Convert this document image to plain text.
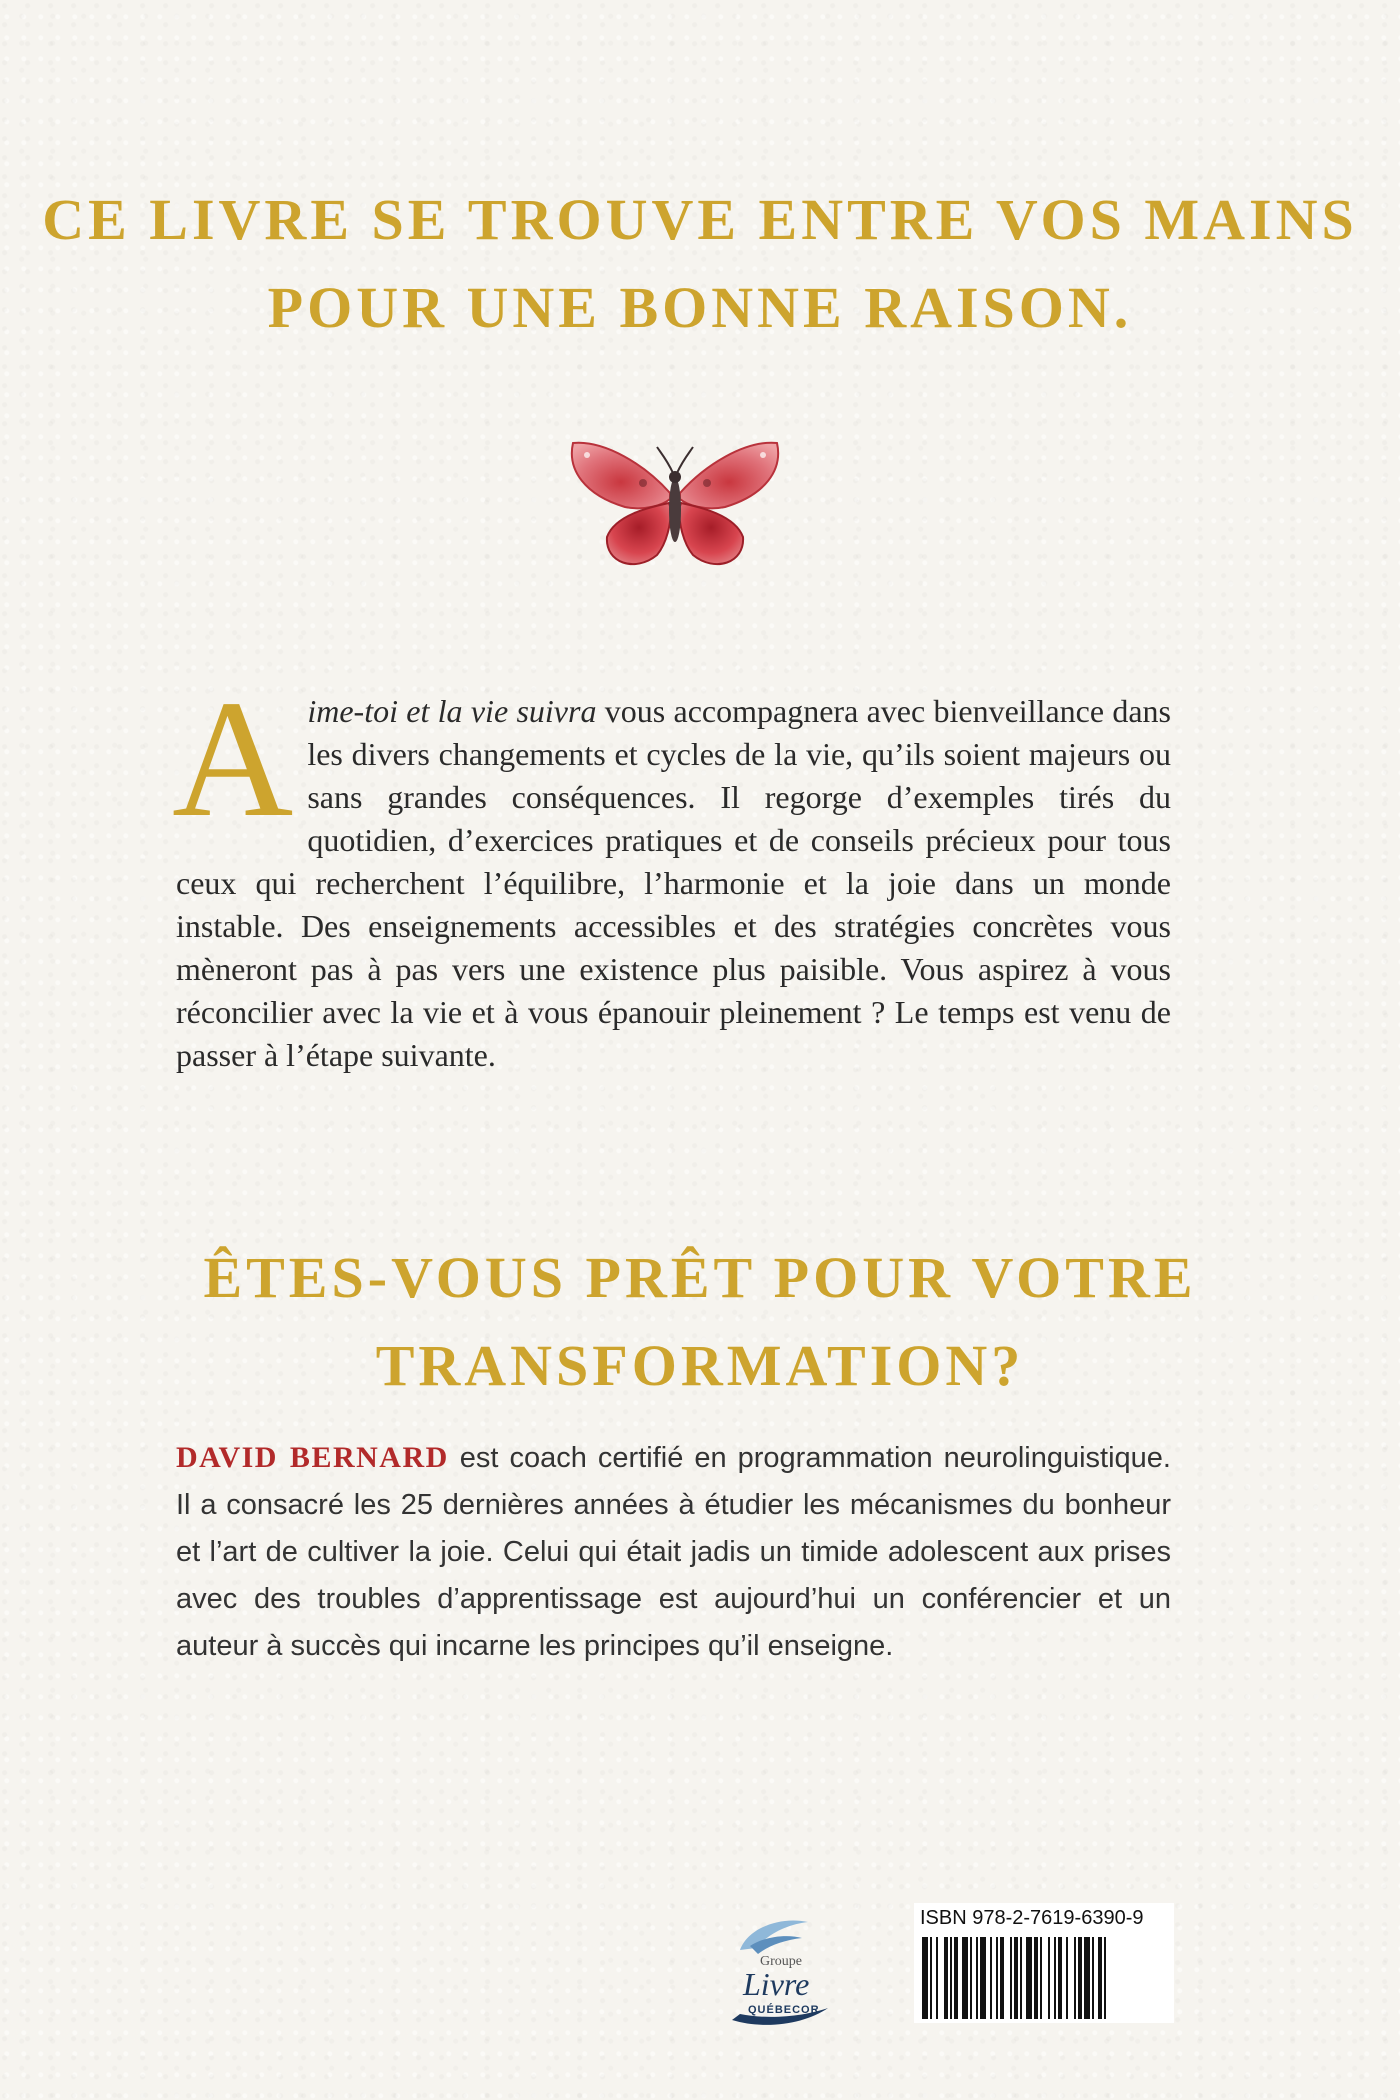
CE LIVRE SE TROUVE ENTRE VOS MAINS
POUR UNE BONNE RAISON.

Aime-toi et la vie suivra vous accompagnera avec bienveillance dans les divers changements et cycles de la vie, qu’ils soient majeurs ou sans grandes conséquences. Il regorge d’exemples tirés du quotidien, d’exercices pratiques et de conseils précieux pour tous ceux qui recherchent l’équilibre, l’harmonie et la joie dans un monde instable. Des enseignements accessibles et des stratégies concrètes vous mèneront pas à pas vers une existence plus paisible. Vous aspirez à vous réconcilier avec la vie et à vous épanouir pleinement ? Le temps est venu de passer à l’étape suivante.

ÊTES-VOUS PRÊT POUR VOTRE
TRANSFORMATION?

DAVID BERNARD est coach certifié en programmation neurolinguistique. Il a consacré les 25 dernières années à étudier les mécanismes du bonheur et l’art de cultiver la joie. Celui qui était jadis un timide adolescent aux prises avec des troubles d’apprentissage est aujourd’hui un conférencier et un auteur à succès qui incarne les principes qu’il enseigne.

Groupe
Livre
QUÉBECOR
ISBN 978-2-7619-6390-9
